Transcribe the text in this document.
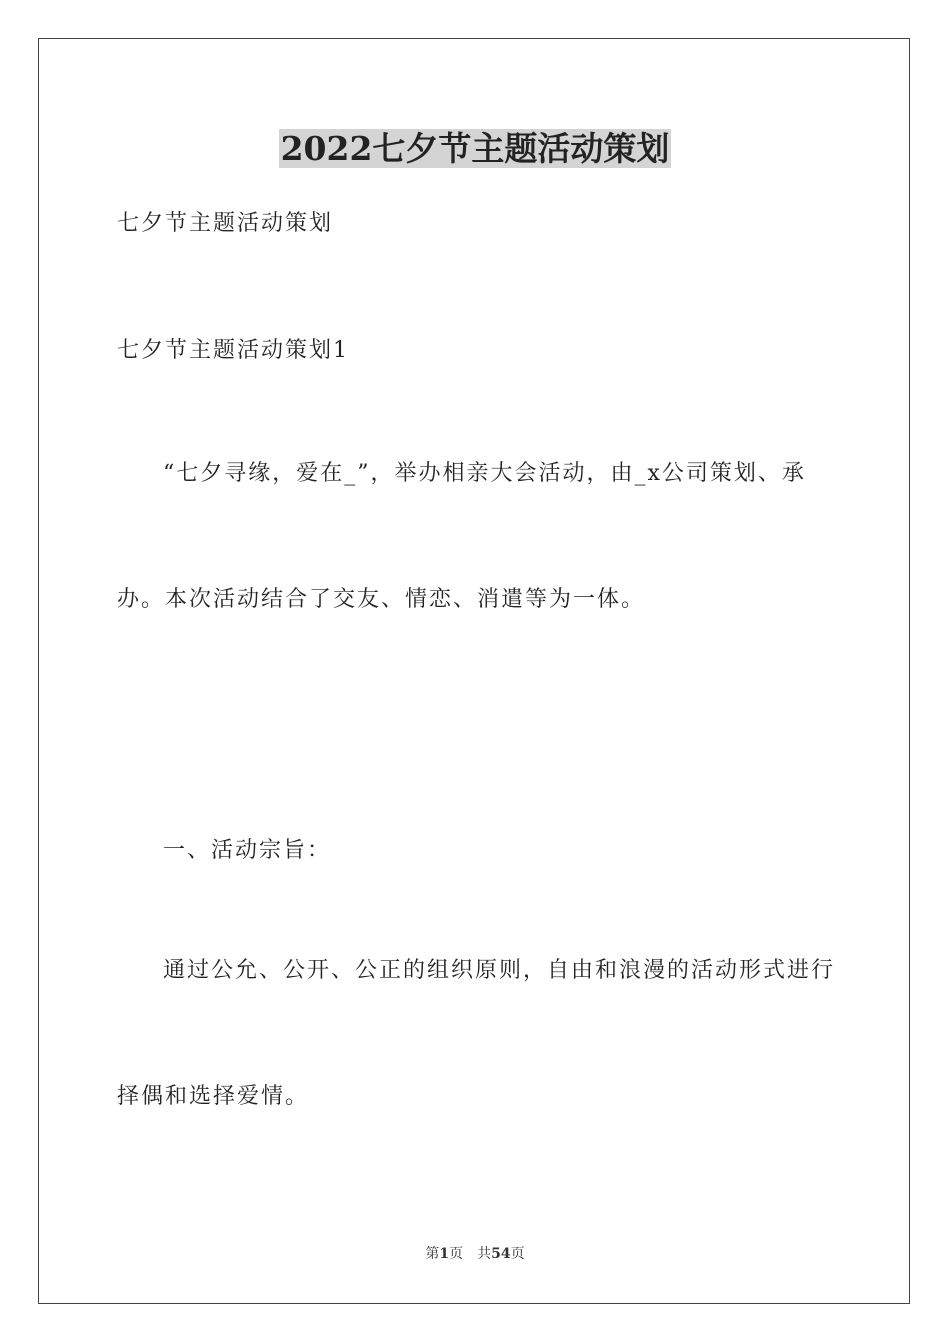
2022七夕节主题活动策划
七夕节主题活动策划
七夕节主题活动策划1
“七夕寻缘，爱在_”，举办相亲大会活动，由_x公司策划、承
办。本次活动结合了交友、情恋、消遣等为一体。
一、活动宗旨：
通过公允、公开、公正的组织原则，自由和浪漫的活动形式进行
择偶和选择爱情。
第1页 共54页
